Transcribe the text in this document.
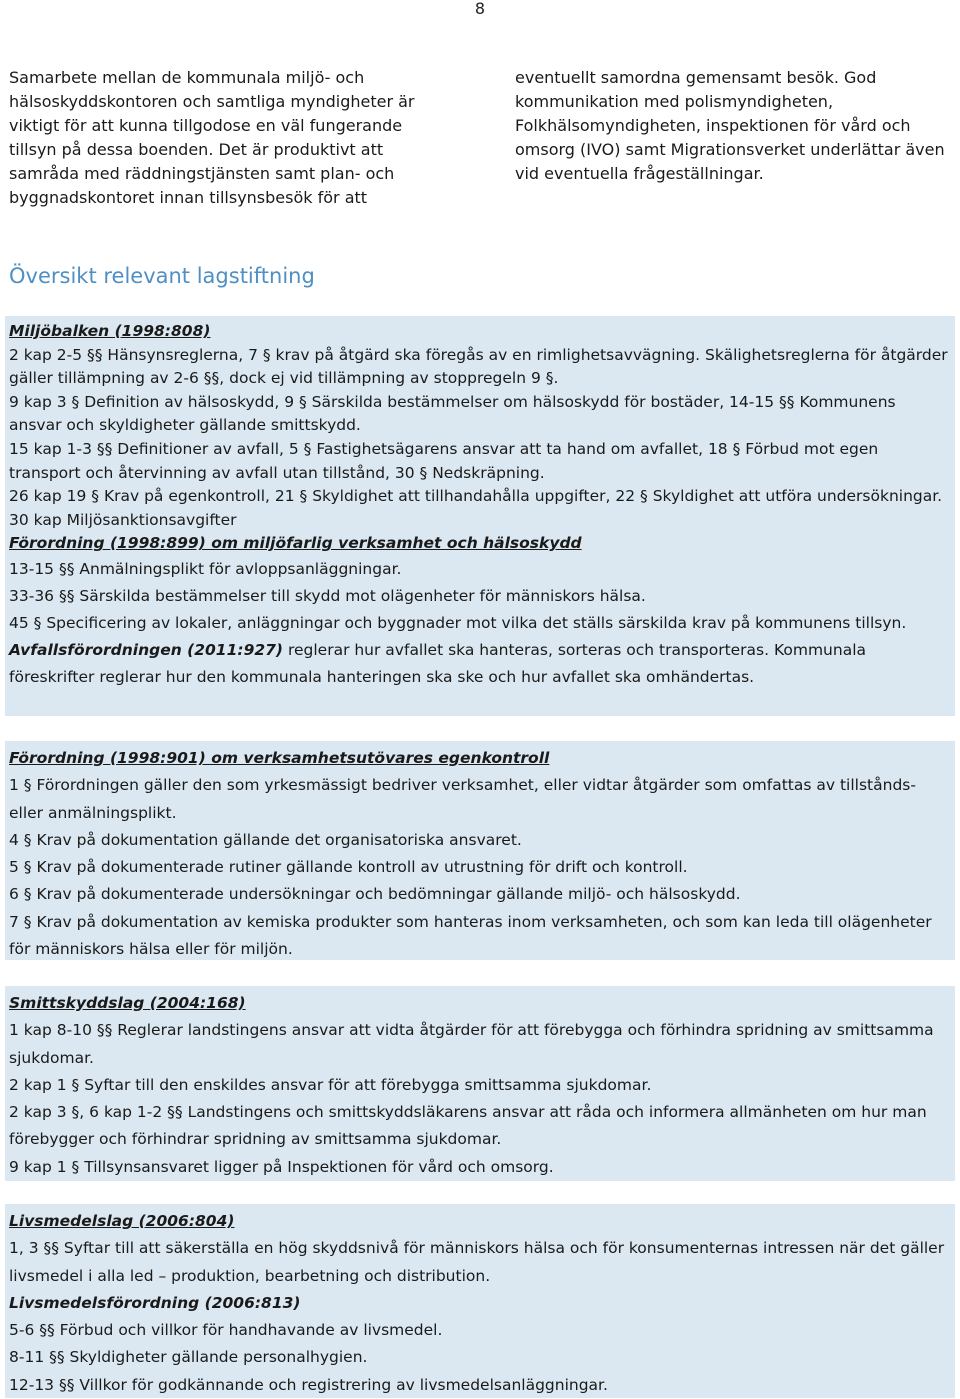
8

Samarbete mellan de kommunala miljö- och hälsoskyddskontoren och samtliga myndigheter är viktigt för att kunna tillgodose en väl fungerande tillsyn på dessa boenden. Det är produktivt att samråda med räddningstjänsten samt plan- och byggnadskontoret innan tillsynsbesök för att

eventuellt samordna gemensamt besök. God kommunikation med polismyndigheten, Folkhälsomyndigheten, inspektionen för vård och omsorg (IVO) samt Migrationsverket underlättar även vid eventuella frågeställningar.

Översikt relevant lagstiftning

Miljöbalken (1998:808)

2 kap 2-5 §§ Hänsynsreglerna, 7 § krav på åtgärd ska föregås av en rimlighetsavvägning. Skälighetsreglerna för åtgärder gäller tillämpning av 2-6 §§, dock ej vid tillämpning av stoppregeln 9 §.

9 kap 3 § Definition av hälsoskydd, 9 § Särskilda bestämmelser om hälsoskydd för bostäder, 14-15 §§ Kommunens ansvar och skyldigheter gällande smittskydd.

15 kap 1-3 §§ Definitioner av avfall, 5 § Fastighetsägarens ansvar att ta hand om avfallet, 18 § Förbud mot egen transport och återvinning av avfall utan tillstånd, 30 § Nedskräpning.

26 kap 19 § Krav på egenkontroll, 21 § Skyldighet att tillhandahålla uppgifter, 22 § Skyldighet att utföra undersökningar.

30 kap Miljösanktionsavgifter

Förordning (1998:899) om miljöfarlig verksamhet och hälsoskydd

13-15 §§ Anmälningsplikt för avloppsanläggningar.

33-36 §§ Särskilda bestämmelser till skydd mot olägenheter för människors hälsa.

45 § Specificering av lokaler, anläggningar och byggnader mot vilka det ställs särskilda krav på kommunens tillsyn.

Avfallsförordningen (2011:927) reglerar hur avfallet ska hanteras, sorteras och transporteras. Kommunala föreskrifter reglerar hur den kommunala hanteringen ska ske och hur avfallet ska omhändertas.

Förordning (1998:901) om verksamhetsutövares egenkontroll

1 § Förordningen gäller den som yrkesmässigt bedriver verksamhet, eller vidtar åtgärder som omfattas av tillstånds- eller anmälningsplikt.

4 § Krav på dokumentation gällande det organisatoriska ansvaret.

5 § Krav på dokumenterade rutiner gällande kontroll av utrustning för drift och kontroll.

6 § Krav på dokumenterade undersökningar och bedömningar gällande miljö- och hälsoskydd.

7 § Krav på dokumentation av kemiska produkter som hanteras inom verksamheten, och som kan leda till olägenheter för människors hälsa eller för miljön.

Smittskyddslag (2004:168)

1 kap 8-10 §§ Reglerar landstingens ansvar att vidta åtgärder för att förebygga och förhindra spridning av smittsamma sjukdomar.

2 kap 1 § Syftar till den enskildes ansvar för att förebygga smittsamma sjukdomar.

2 kap 3 §, 6 kap 1-2 §§ Landstingens och smittskyddsläkarens ansvar att råda och informera allmänheten om hur man förebygger och förhindrar spridning av smittsamma sjukdomar.

9 kap 1 § Tillsynsansvaret ligger på Inspektionen för vård och omsorg.

Livsmedelslag (2006:804)

1, 3 §§ Syftar till att säkerställa en hög skyddsnivå för människors hälsa och för konsumenternas intressen när det gäller livsmedel i alla led – produktion, bearbetning och distribution.

Livsmedelsförordning (2006:813)

5-6 §§ Förbud och villkor för handhavande av livsmedel.

8-11 §§ Skyldigheter gällande personalhygien.

12-13 §§ Villkor för godkännande och registrering av livsmedelsanläggningar.
